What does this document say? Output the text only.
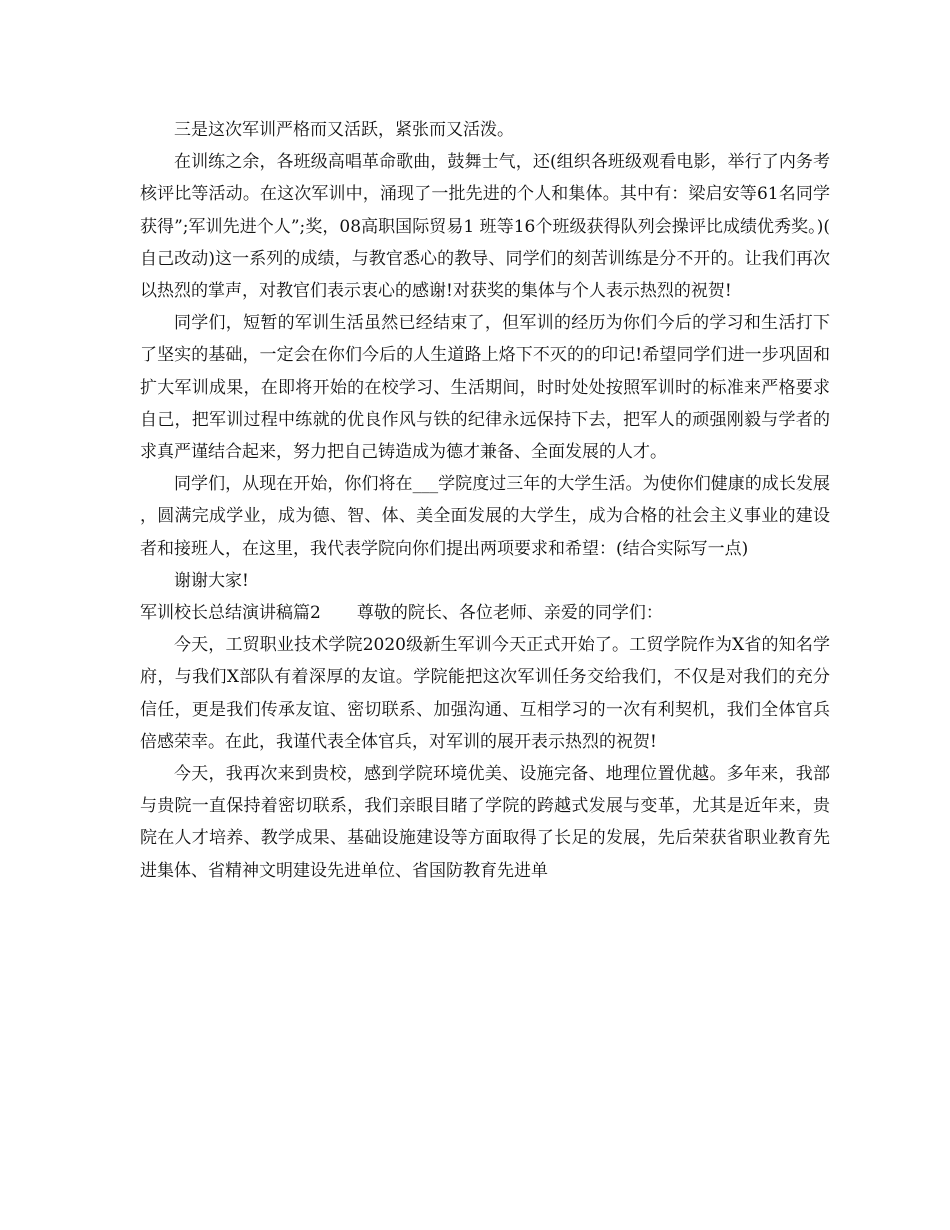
三是这次军训严格而又活跃，紧张而又活泼。

在训练之余，各班级高唱革命歌曲，鼓舞士气，还(组织各班级观看电影，举行了内务考核评比等活动。在这次军训中，涌现了一批先进的个人和集体。其中有：梁启安等61名同学获得”;军训先进个人”;奖，08高职国际贸易1 班等16个班级获得队列会操评比成绩优秀奖。)(自己改动)这一系列的成绩，与教官悉心的教导、同学们的刻苦训练是分不开的。让我们再次以热烈的掌声，对教官们表示衷心的感谢!对获奖的集体与个人表示热烈的祝贺!

同学们，短暂的军训生活虽然已经结束了，但军训的经历为你们今后的学习和生活打下了坚实的基础，一定会在你们今后的人生道路上烙下不灭的的印记!希望同学们进一步巩固和扩大军训成果，在即将开始的在校学习、生活期间，时时处处按照军训时的标准来严格要求自己，把军训过程中练就的优良作风与铁的纪律永远保持下去，把军人的顽强刚毅与学者的求真严谨结合起来，努力把自己铸造成为德才兼备、全面发展的人才。

同学们，从现在开始，你们将在___学院度过三年的大学生活。为使你们健康的成长发展，圆满完成学业，成为德、智、体、美全面发展的大学生，成为合格的社会主义事业的建设者和接班人，在这里，我代表学院向你们提出两项要求和希望：(结合实际写一点)

谢谢大家!

军训校长总结演讲稿篇2 尊敬的院长、各位老师、亲爱的同学们：

今天，工贸职业技术学院2020级新生军训今天正式开始了。工贸学院作为X省的知名学府，与我们X部队有着深厚的友谊。学院能把这次军训任务交给我们，不仅是对我们的充分信任，更是我们传承友谊、密切联系、加强沟通、互相学习的一次有利契机，我们全体官兵倍感荣幸。在此，我谨代表全体官兵，对军训的展开表示热烈的祝贺!

今天，我再次来到贵校，感到学院环境优美、设施完备、地理位置优越。多年来，我部与贵院一直保持着密切联系，我们亲眼目睹了学院的跨越式发展与变革，尤其是近年来，贵院在人才培养、教学成果、基础设施建设等方面取得了长足的发展，先后荣获省职业教育先进集体、省精神文明建设先进单位、省国防教育先进单
